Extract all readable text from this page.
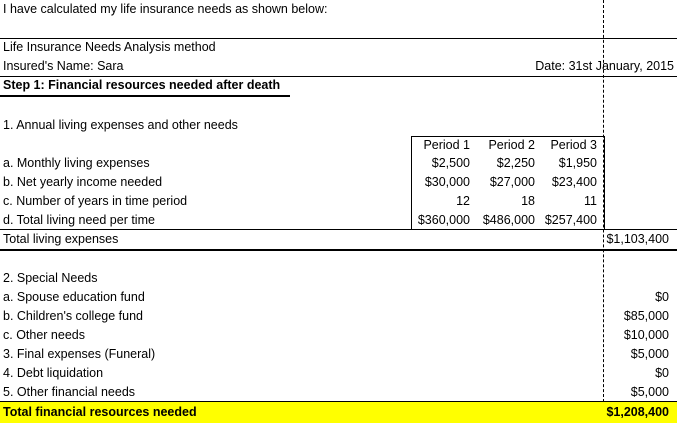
I have calculated my life insurance needs as shown below:
Life Insurance Needs Analysis method
Insured's Name: Sara	Date: 31st January, 2015
Step 1: Financial resources needed after death
1. Annual living expenses and other needs
Period 1 Period 2 Period 3
a. Monthly living expenses	$2,500 $2,250 $1,950
b. Net yearly income needed	$30,000 $27,000 $23,400
c. Number of years in time period	12	18	11
d. Total living need per time	$360,000 $486,000 $257,400
Total living expenses	$1,103,400
2. Special Needs
a. Spouse education fund	$0
b. Children's college fund	$85,000
c. Other needs	$10,000
3. Final expenses (Funeral)	$5,000
4. Debt liquidation	$0
5. Other financial needs	$5,000
Total financial resources needed	$1,208,400
